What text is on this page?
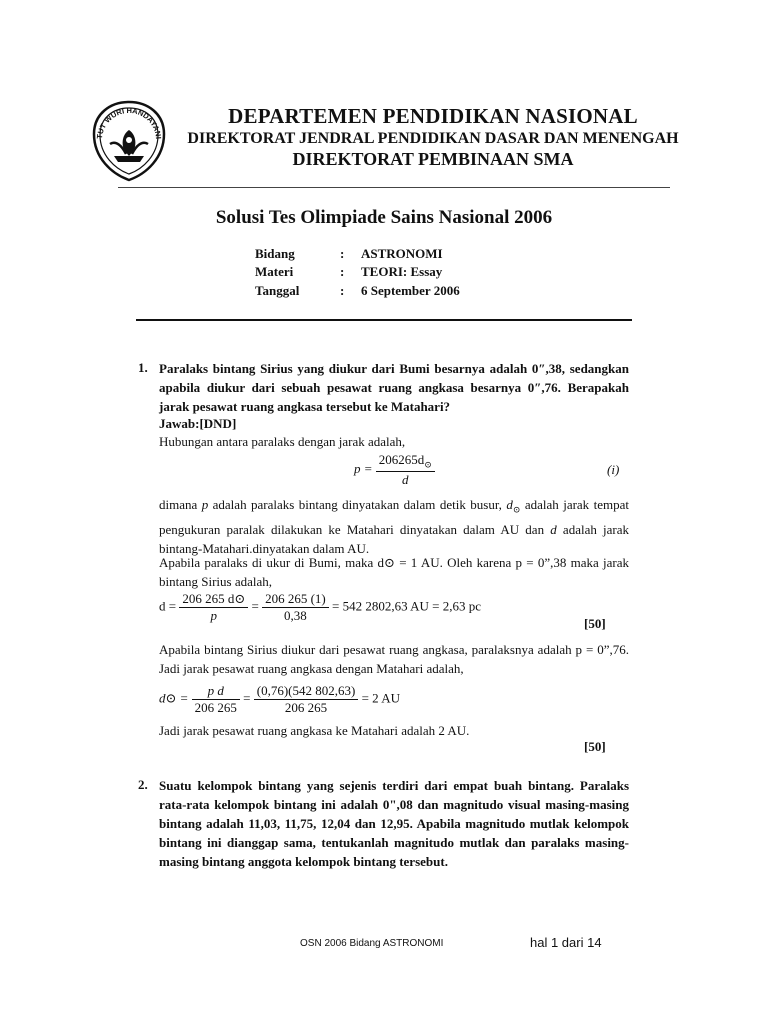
TUT WURI HANDAYANI
DEPARTEMEN PENDIDIKAN NASIONAL
DIREKTORAT JENDRAL PENDIDIKAN DASAR DAN MENENGAH
DIREKTORAT PEMBINAAN SMA
Solusi Tes Olimpiade Sains Nasional 2006
Bidang	: ASTRONOMI
Materi	: TEORI: Essay
Tanggal	: 6 September 2006
1. Paralaks bintang Sirius yang diukur dari Bumi besarnya adalah 0″,38, sedangkan apabila diukur dari sebuah pesawat ruang angkasa besarnya 0″,76. Berapakah jarak pesawat ruang angkasa tersebut ke Matahari?
Jawab:[DND]
Hubungan antara paralaks dengan jarak adalah,
$p = \frac{206265d_⊙}{d}$	(i)
dimana p adalah paralaks bintang dinyatakan dalam detik busur, $d_⊙$ adalah jarak tempat pengukuran paralak dilakukan ke Matahari dinyatakan dalam AU dan d adalah jarak bintang-Matahari.dinyatakan dalam AU.
Apabila paralaks di ukur di Bumi, maka d⊙ = 1 AU. Oleh karena p = 0”,38 maka jarak bintang Sirius adalah,
$d = \frac{206 265 d⊙}{p} = \frac{206 265 (1)}{0,38} = 542$ 2802,63 AU = 2,63 pc
[50]
Apabila bintang Sirius diukur dari pesawat ruang angkasa, paralaksnya adalah p = 0”,76. Jadi jarak pesawat ruang angkasa dengan Matahari adalah,
d⊙ = $\frac{\text{p d}}{206 265} = \frac{(0,76)(542 802,63)}{206 265} = 2$ AU
Jadi jarak pesawat ruang angkasa ke Matahari adalah 2 AU.
[50]
2. Suatu kelompok bintang yang sejenis terdiri dari empat buah bintang. Paralaks rata-rata kelompok bintang ini adalah 0",08 dan magnitudo visual masing-masing bintang adalah 11,03, 11,75, 12,04 dan 12,95. Apabila magnitudo mutlak kelompok bintang ini dianggap sama, tentukanlah magnitudo mutlak dan paralaks masing-masing bintang anggota kelompok bintang tersebut.
OSN 2006 Bidang ASTRONOMI	hal 1 dari 14
